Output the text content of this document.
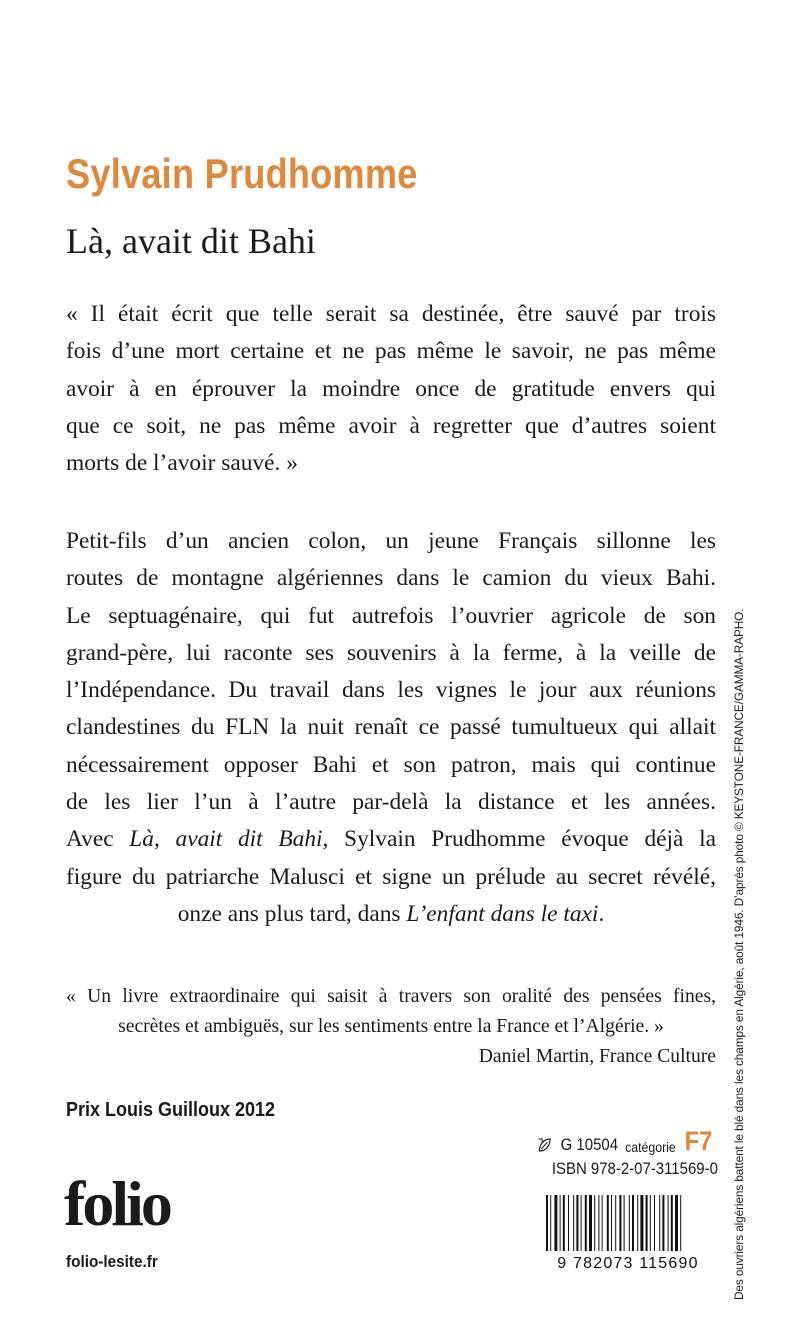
Sylvain Prudhomme
Là, avait dit Bahi
« Il était écrit que telle serait sa destinée, être sauvé par trois
fois d’une mort certaine et ne pas même le savoir, ne pas même
avoir à en éprouver la moindre once de gratitude envers qui
que ce soit, ne pas même avoir à regretter que d’autres soient
morts de l’avoir sauvé. »
Petit-fils d’un ancien colon, un jeune Français sillonne les
routes de montagne algériennes dans le camion du vieux Bahi.
Le septuagénaire, qui fut autrefois l’ouvrier agricole de son
grand-père, lui raconte ses souvenirs à la ferme, à la veille de
l’Indépendance. Du travail dans les vignes le jour aux réunions
clandestines du FLN la nuit renaît ce passé tumultueux qui allait
nécessairement opposer Bahi et son patron, mais qui continue
de les lier l’un à l’autre par-delà la distance et les années.
Avec Là, avait dit Bahi, Sylvain Prudhomme évoque déjà la
figure du patriarche Malusci et signe un prélude au secret révélé,
onze ans plus tard, dans L’enfant dans le taxi.
« Un livre extraordinaire qui saisit à travers son oralité des pensées fines,
secrètes et ambiguës, sur les sentiments entre la France et l’Algérie. »
Daniel Martin, France Culture
Prix Louis Guilloux 2012
folio
folio-lesite.fr
G 10504 catégorie F7
ISBN 978-2-07-311569-0
9 782073 115690	Des ouvriers algériens battent le blé dans les champs en Algérie, août 1946. D’après photo © KEYSTONE-FRANCE/GAMMA-RAPHO.
